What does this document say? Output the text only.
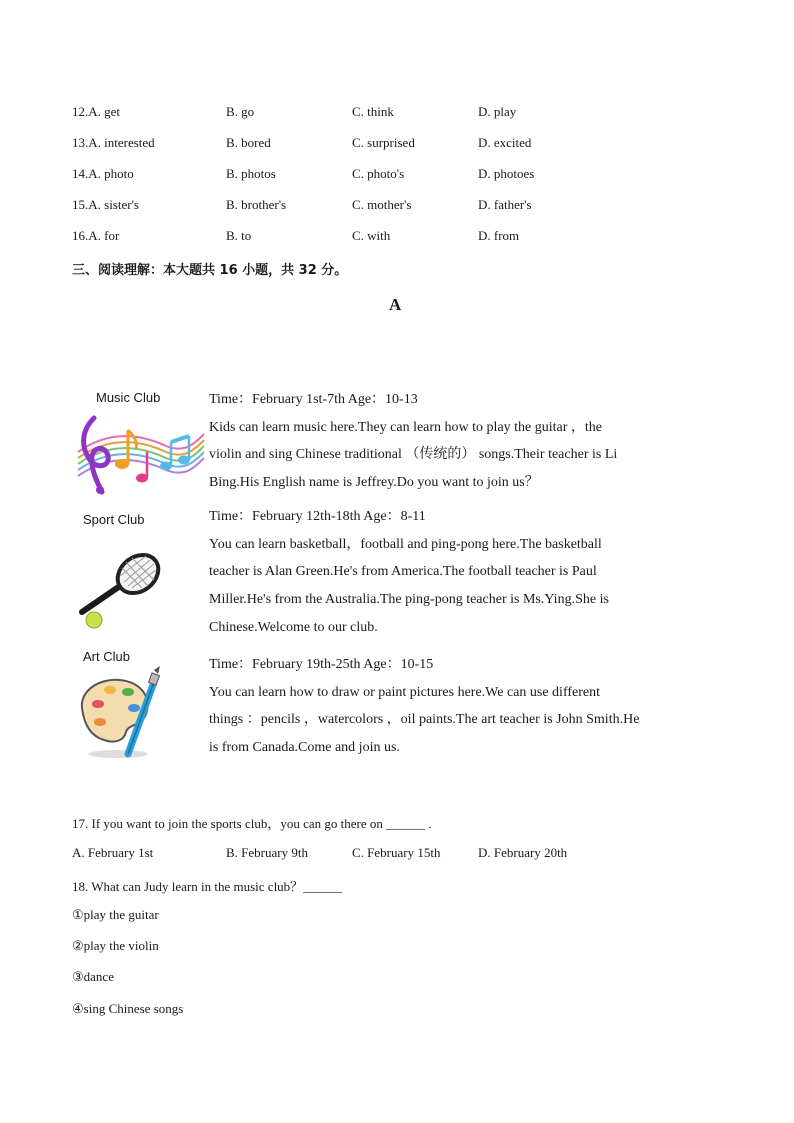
12.A. get	B. go	C. think	D. play
13.A. interested	B. bored	C. surprised	D. excited
14.A. photo	B. photos	C. photo's	D. photoes
15.A. sister's	B. brother's	C. mother's	D. father's
16.A. for	B. to	C. with	D. from
三、阅读理解：本大题共 16 小题，共 32 分。
A
Music Club	Time：February 1st-7th Age：10-13
Kids can learn music here.They can learn how to play the guitar ，the
violin and sing Chinese traditional （传统的） songs.Their teacher is Li
Bing.His English name is Jeffrey.Do you want to join us？
Sport Club	Time：February 12th-18th Age：8-11
You can learn basketball，football and ping-pong here.The basketball
teacher is Alan Green.He's from America.The football teacher is Paul
Miller.He's from the Australia.The ping-pong teacher is Ms.Ying.She is
Chinese.Welcome to our club.
Art Club
Time：February 19th-25th Age：10-15
You can learn how to draw or paint pictures here.We can use different
things ：pencils ，watercolors ，oil paints.The art teacher is John Smith.He
is from Canada.Come and join us.
17. If you want to join the sports club，you can go there on ______ .
A. February 1st	B. February 9th	C. February 15th	D. February 20th
18. What can Judy learn in the music club？______
①play the guitar
②play the violin
③dance
④sing Chinese songs
